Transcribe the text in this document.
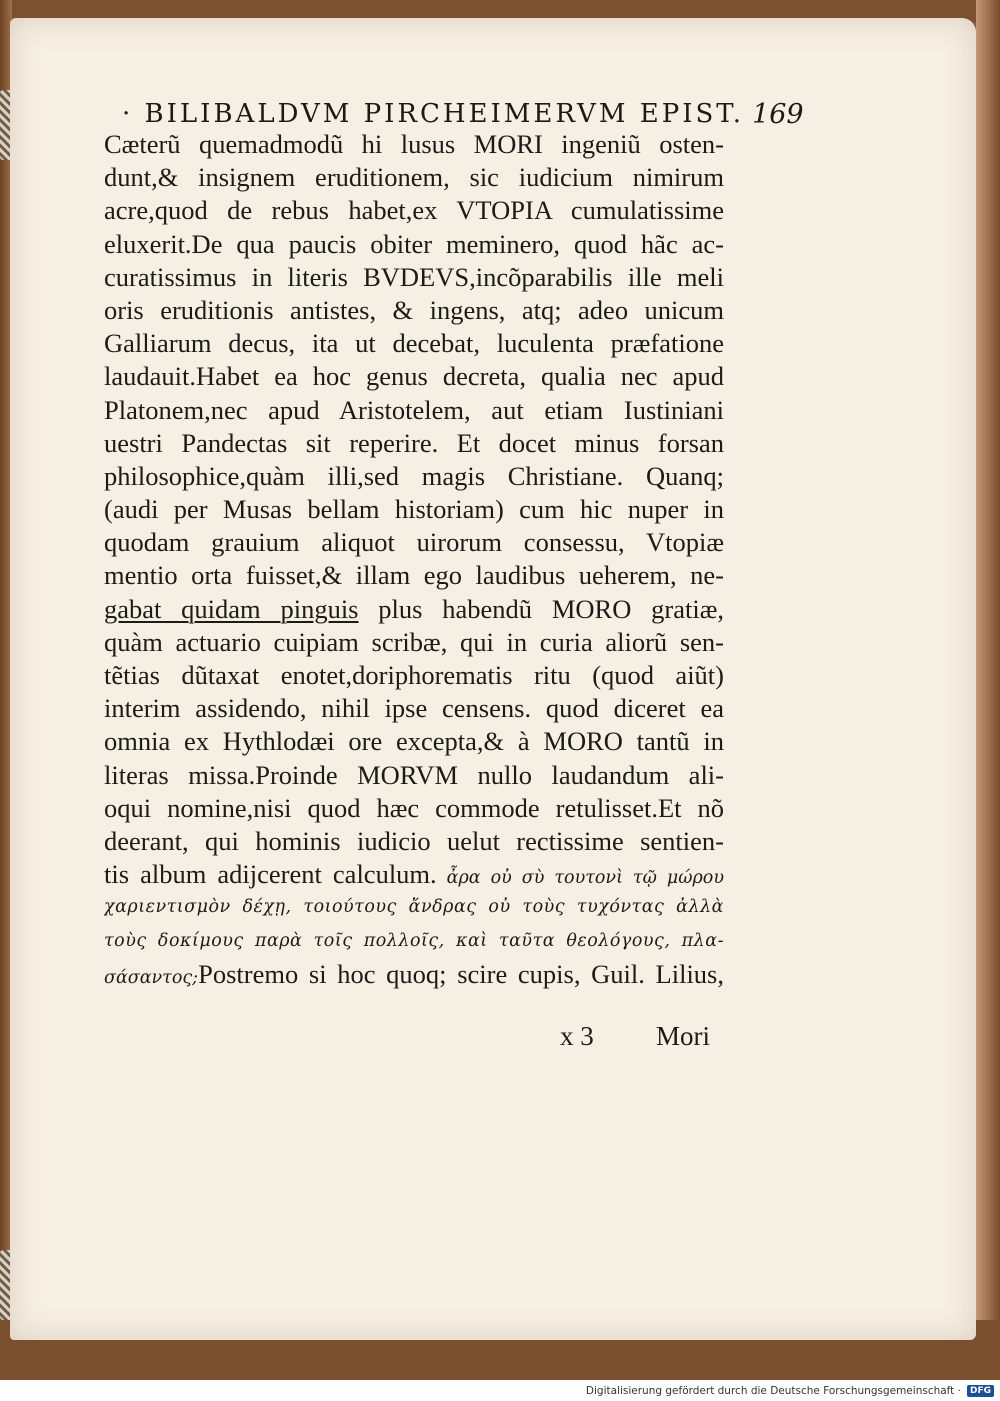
· BILIBALDVM PIRCHEIMERVM EPIST. 169
Cæterũ quemadmodũ hi lusus MORI ingeniũ osten-
dunt,& insignem eruditionem, sic iudicium nimirum
acre,quod de rebus habet,ex VTOPIA cumulatissime
eluxerit.De qua paucis obiter meminero, quod hãc ac-
curatissimus in literis BVDEVS,incõparabilis ille meli
oris eruditionis antistes, & ingens, atq; adeo unicum
Galliarum decus, ita ut decebat, luculenta præfatione
laudauit.Habet ea hoc genus decreta, qualia nec apud
Platonem,nec apud Aristotelem, aut etiam Iustiniani
uestri Pandectas sit reperire. Et docet minus forsan
philosophice,quàm illi,sed magis Christiane. Quanq;
(audi per Musas bellam historiam) cum hic nuper in
quodam grauium aliquot uirorum consessu, Vtopiæ
mentio orta fuisset,& illam ego laudibus ueherem, ne-
gabat quidam pinguis plus habendũ MORO gratiæ,
quàm actuario cuipiam scribæ, qui in curia aliorũ sen-
tẽtias dũtaxat enotet,doriphorematis ritu (quod aiũt)
interim assidendo, nihil ipse censens. quod diceret ea
omnia ex Hythlodæi ore excepta,& à MORO tantũ in
literas missa.Proinde MORVM nullo laudandum ali-
oqui nomine,nisi quod hæc commode retulisset.Et nõ
deerant, qui hominis iudicio uelut rectissime sentien-
tis album adijcerent calculum. ἆρα οὐ σὺ τουτονὶ τῷ μώρου
χαριεντισμὸν δέχῃ, τοιούτους ἄνδρας οὐ τοὺς τυχόντας ἀλλὰ
τοὺς δοκίμους παρὰ τοῖς πολλοῖς, καὶ ταῦτα θεολόγους, πλα-
σάσαντος;Postremo si hoc quoq; scire cupis, Guil. Lilius,
x 3 Mori
Digitalisierung gefördert durch die Deutsche Forschungsgemeinschaft ·	DFG
